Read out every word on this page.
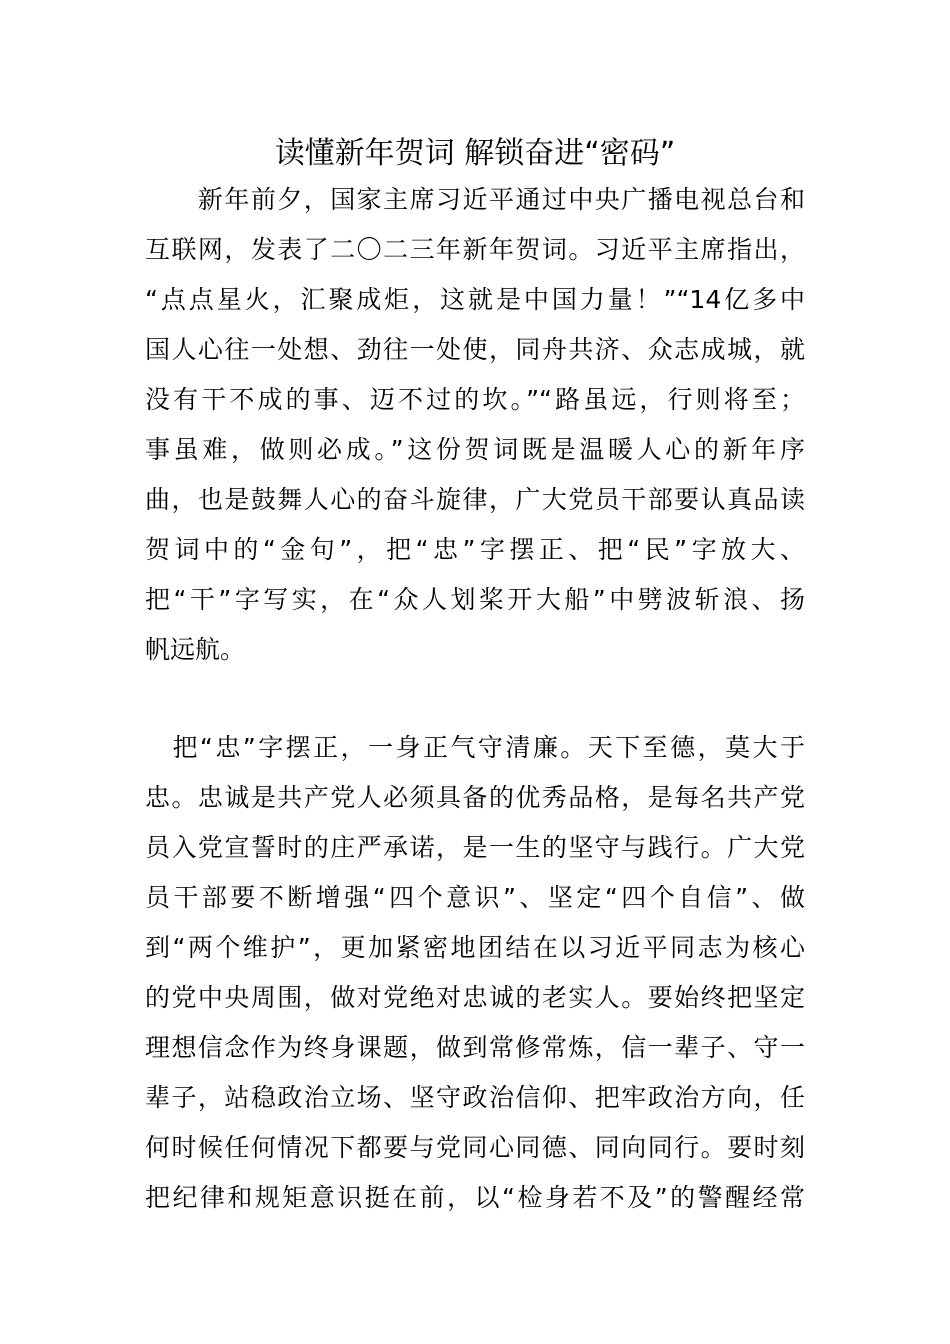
读懂新年贺词 解锁奋进“密码”
　　新年前夕，国家主席习近平通过中央广播电视总台和
互联网，发表了二〇二三年新年贺词。习近平主席指出，
“点点星火，汇聚成炬，这就是中国力量！”“14亿多中
国人心往一处想、劲往一处使，同舟共济、众志成城，就
没有干不成的事、迈不过的坎。”“路虽远，行则将至；
事虽难，做则必成。”这份贺词既是温暖人心的新年序
曲，也是鼓舞人心的奋斗旋律，广大党员干部要认真品读
贺词中的“金句”，把“忠”字摆正、把“民”字放大、
把“干”字写实，在“众人划桨开大船”中劈波斩浪、扬
帆远航。
　把“忠”字摆正，一身正气守清廉。天下至德，莫大于
忠。忠诚是共产党人必须具备的优秀品格，是每名共产党
员入党宣誓时的庄严承诺，是一生的坚守与践行。广大党
员干部要不断增强“四个意识”、坚定“四个自信”、做
到“两个维护”，更加紧密地团结在以习近平同志为核心
的党中央周围，做对党绝对忠诚的老实人。要始终把坚定
理想信念作为终身课题，做到常修常炼，信一辈子、守一
辈子，站稳政治立场、坚守政治信仰、把牢政治方向，任
何时候任何情况下都要与党同心同德、同向同行。要时刻
把纪律和规矩意识挺在前，以“检身若不及”的警醒经常
